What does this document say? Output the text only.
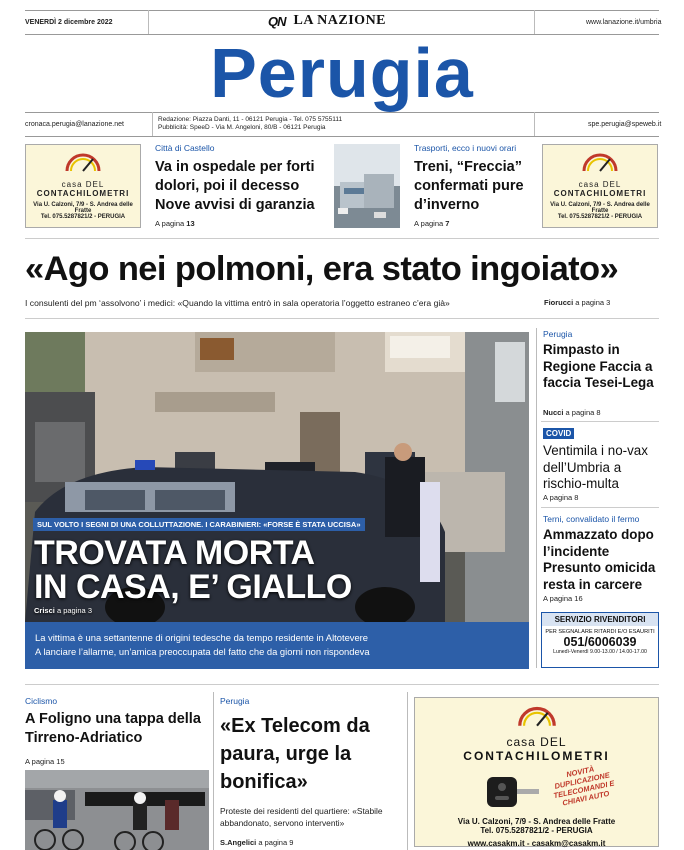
VENERDÌ 2 dicembre 2022	QN LA NAZIONE	www.lanazione.it/umbria
Perugia
cronaca.perugia@lanazione.net
Redazione: Piazza Danti, 11 - 06121 Perugia - Tel. 075 5755111
Pubblicità: SpeeD - Via M. Angeloni, 80/B - 06121 Perugia	spe.perugia@speweb.it
casa DEL
CONTACHILOMETRI
Via U. Calzoni, 7/9 - S. Andrea delle Fratte
Tel. 075.5287821/2 - PERUGIA
Città di Castello
Va in ospedale per forti dolori, poi il decesso Nove avvisi di garanzia
A pagina 13
Trasporti, ecco i nuovi orari
Treni, “Freccia” confermati pure d’inverno
A pagina 7
casa DEL
CONTACHILOMETRI
Via U. Calzoni, 7/9 - S. Andrea delle Fratte
Tel. 075.5287821/2 - PERUGIA
«Ago nei polmoni, era stato ingoiato»
I consulenti del pm ‘assolvono’ i medici: «Quando la vittima entrò in sala operatoria l’oggetto estraneo c’era già»	Fiorucci a pagina 3
SUL VOLTO I SEGNI DI UNA COLLUTTAZIONE. I CARABINIERI: «FORSE È STATA UCCISA»
TROVATA MORTA
IN CASA, E’ GIALLO
Crisci a pagina 3
La vittima è una settantenne di origini tedesche da tempo residente in Altotevere
A lanciare l’allarme, un’amica preoccupata del fatto che da giorni non rispondeva
Perugia
Rimpasto in Regione Faccia a faccia Tesei-Lega
Nucci a pagina 8
COVID
Ventimila i no-vax dell’Umbria a rischio-multa
A pagina 8
Terni, convalidato il fermo
Ammazzato dopo l’incidente Presunto omicida resta in carcere
A pagina 16
SERVIZIO RIVENDITORI
PER SEGNALARE RITARDI E/O ESAURITI
051/6006039
Lunedì-Venerdì 9.00-13.00 / 14.00-17.00
Ciclismo
A Foligno una tappa della Tirreno-Adriatico
A pagina 15
Perugia
«Ex Telecom da paura, urge la bonifica»
Proteste dei residenti del quartiere: «Stabile abbandonato, servono interventi»
S.Angelici a pagina 9
casa DEL
CONTACHILOMETRI
NOVITÀ DUPLICAZIONE TELECOMANDI E CHIAVI AUTO
Via U. Calzoni, 7/9 - S. Andrea delle Fratte
Tel. 075.5287821/2 - PERUGIA
www.casakm.it - casakm@casakm.it
